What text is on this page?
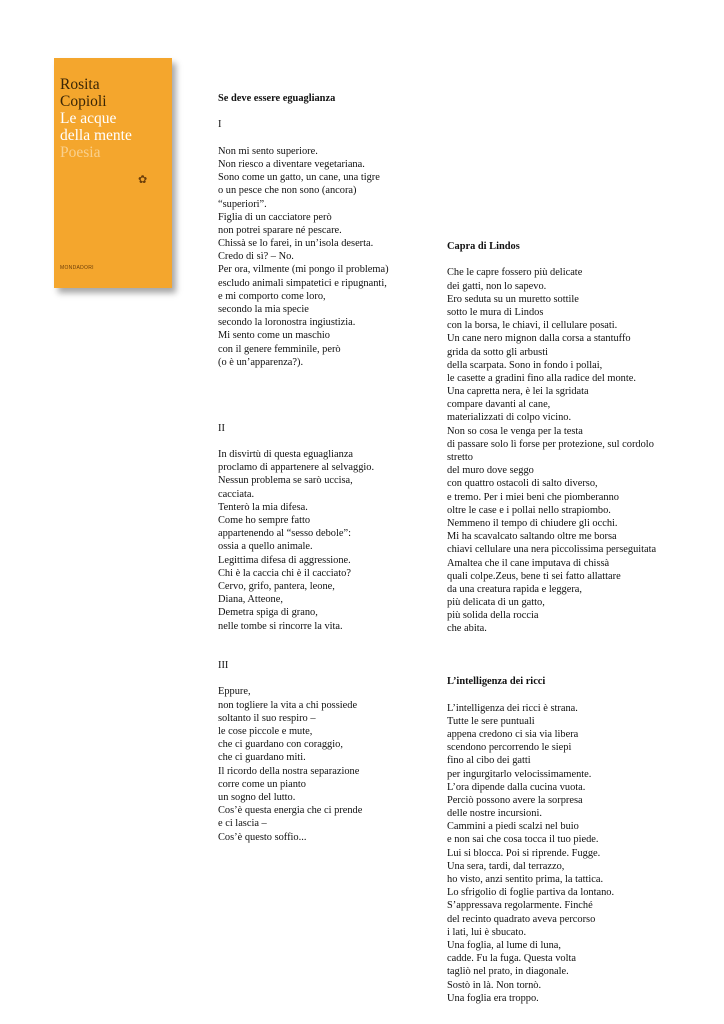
Rosita
Copioli
Le acque
della mente
Poesia
✿
MONDADORI
Se deve essere eguaglianza
I
Non mi sento superiore.
Non riesco a diventare vegetariana.
Sono come un gatto, un cane, una tigre
o un pesce che non sono (ancora)
“superiori”.
Figlia di un cacciatore però
non potrei sparare né pescare.
Chissà se lo farei, in un’isola deserta.
Credo di sì? – No.
Per ora, vilmente (mi pongo il problema)
escludo animali simpatetici e ripugnanti,
e mi comporto come loro,
secondo la mia specie
secondo la loronostra ingiustizia.
Mi sento come un maschio
con il genere femminile, però
(o è un’apparenza?).
II
In disvirtù di questa eguaglianza
proclamo di appartenere al selvaggio.
Nessun problema se sarò uccisa,
cacciata.
Tenterò la mia difesa.
Come ho sempre fatto
appartenendo al “sesso debole”:
ossia a quello animale.
Legittima difesa di aggressione.
Chi è la caccia chi è il cacciato?
Cervo, grifo, pantera, leone,
Diana, Atteone,
Demetra spiga di grano,
nelle tombe si rincorre la vita.
III
Eppure,
non togliere la vita a chi possiede
soltanto il suo respiro –
le cose piccole e mute,
che ci guardano con coraggio,
che ci guardano miti.
Il ricordo della nostra separazione
corre come un pianto
un sogno del lutto.
Cos’è questa energia che ci prende
e ci lascia –
Cos’è questo soffio...
Capra di Lindos
Che le capre fossero più delicate
dei gatti, non lo sapevo.
Ero seduta su un muretto sottile
sotto le mura di Lindos
con la borsa, le chiavi, il cellulare posati.
Un cane nero mignon dalla corsa a stantuffo
grida da sotto gli arbusti
della scarpata. Sono in fondo i pollai,
le casette a gradini fino alla radice del monte.
Una capretta nera, è lei la sgridata
compare davanti al cane,
materializzati di colpo vicino.
Non so cosa le venga per la testa
di passare solo lì forse per protezione, sul cordolo
stretto
del muro dove seggo
con quattro ostacoli di salto diverso,
e tremo. Per i miei beni che piomberanno
oltre le case e i pollai nello strapiombo.
Nemmeno il tempo di chiudere gli occhi.
Mi ha scavalcato saltando oltre me borsa
chiavi cellulare una nera piccolissima perseguitata
Amaltea che il cane imputava di chissà
quali colpe.Zeus, bene ti sei fatto allattare
da una creatura rapida e leggera,
più delicata di un gatto,
più solida della roccia
che abita.
L’intelligenza dei ricci
L’intelligenza dei ricci è strana.
Tutte le sere puntuali
appena credono ci sia via libera
scendono percorrendo le siepi
fino al cibo dei gatti
per ingurgitarlo velocissimamente.
L’ora dipende dalla cucina vuota.
Perciò possono avere la sorpresa
delle nostre incursioni.
Cammini a piedi scalzi nel buio
e non sai che cosa tocca il tuo piede.
Lui si blocca. Poi si riprende. Fugge.
Una sera, tardi, dal terrazzo,
ho visto, anzi sentito prima, la tattica.
Lo sfrigolio di foglie partiva da lontano.
S’appressava regolarmente. Finché
del recinto quadrato aveva percorso
i lati, lui è sbucato.
Una foglia, al lume di luna,
cadde. Fu la fuga. Questa volta
tagliò nel prato, in diagonale.
Sostò in là. Non tornò.
Una foglia era troppo.
